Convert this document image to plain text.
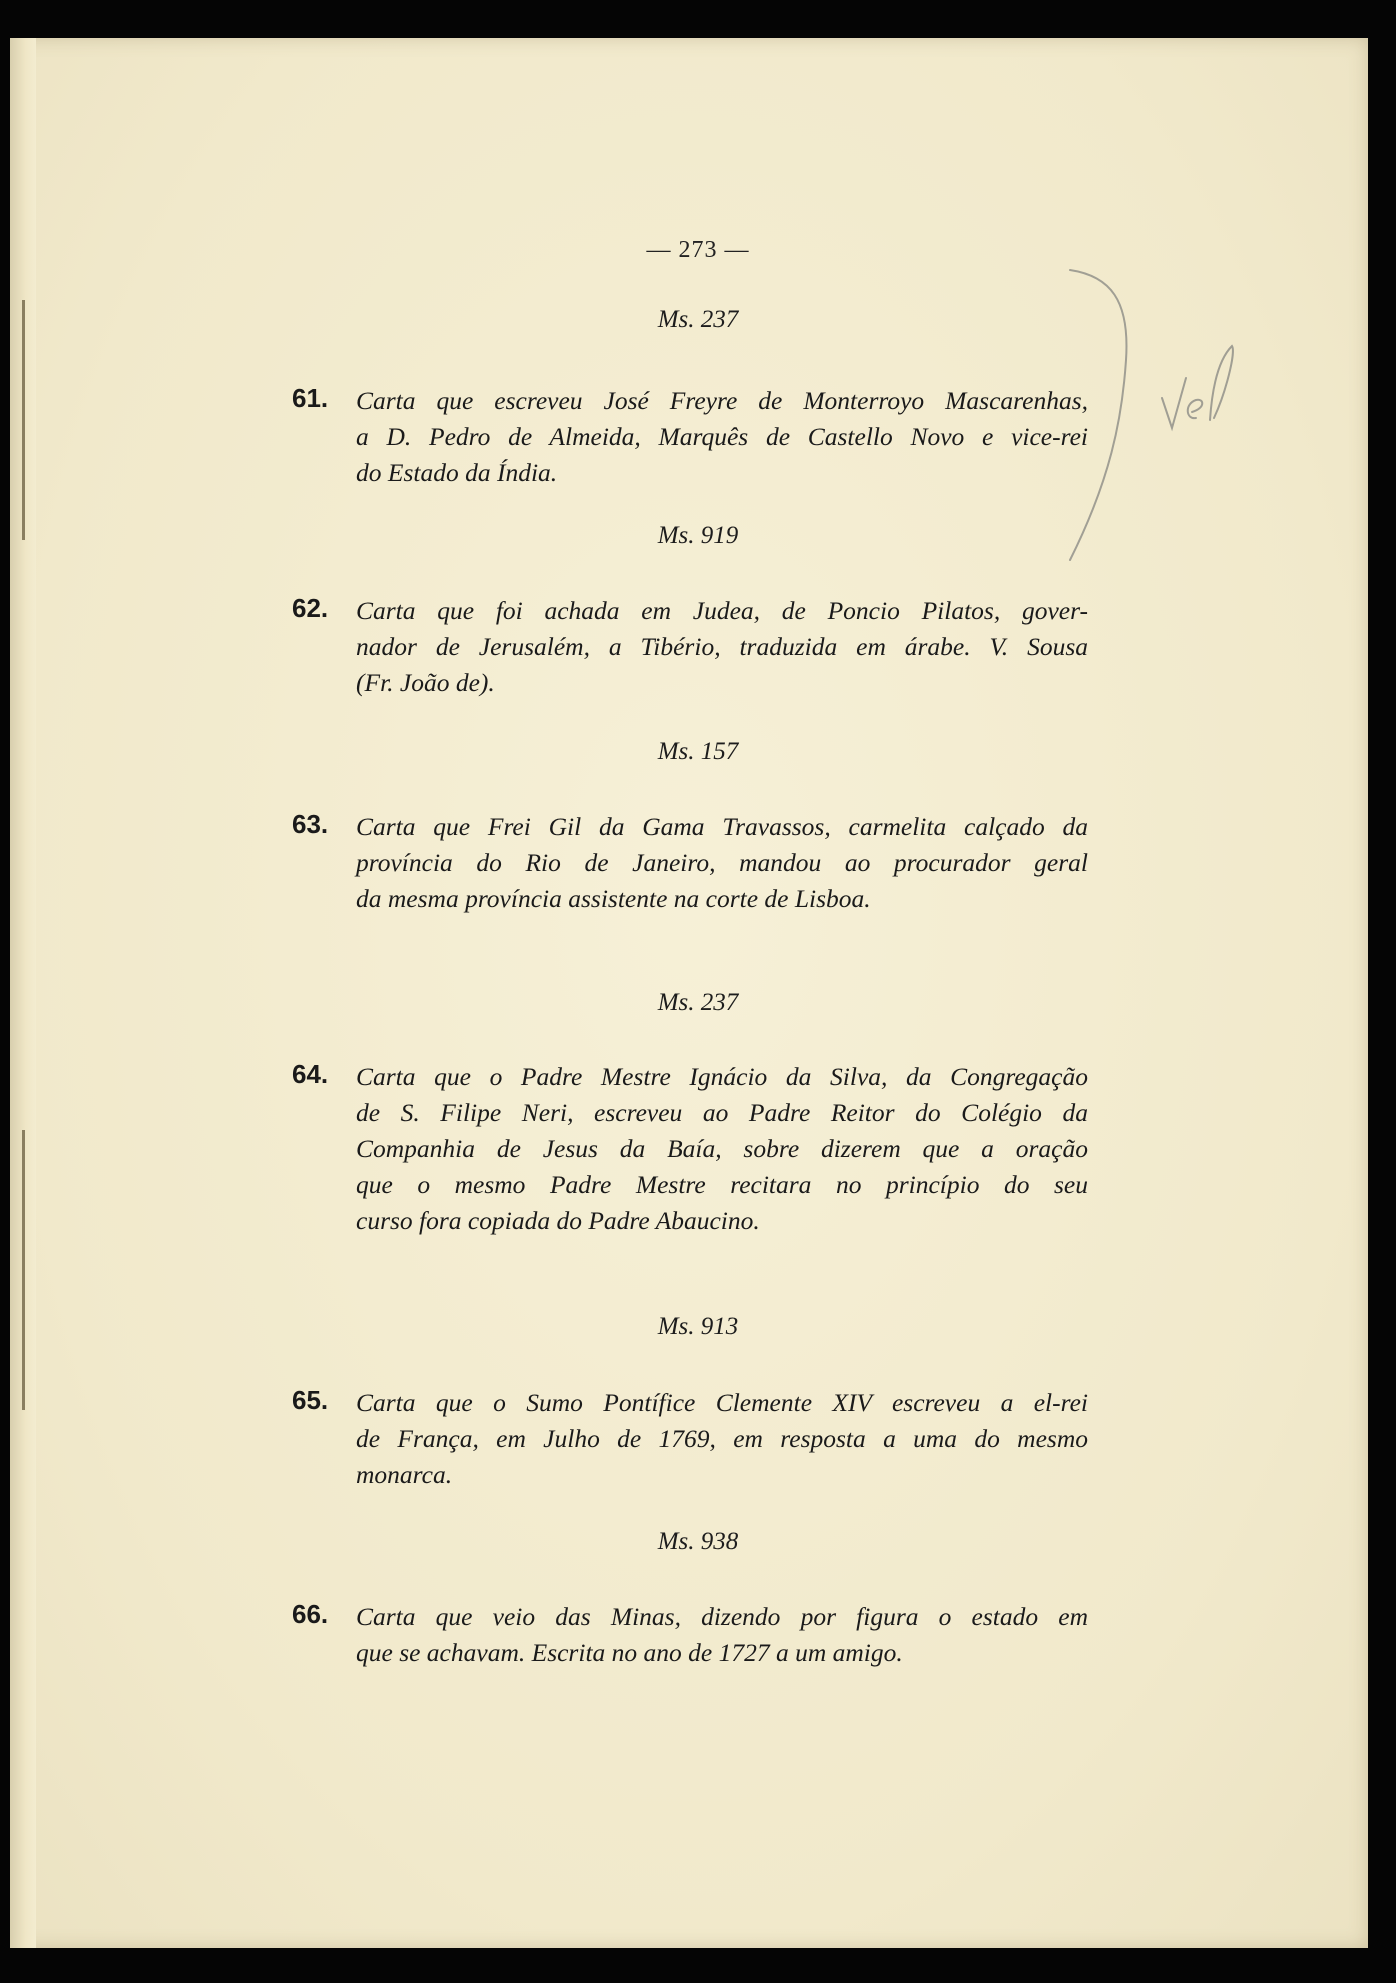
— 273 —
Ms. 237
61.	Carta que escreveu José Freyre de Monterroyo Mascarenhas,
a D. Pedro de Almeida, Marquês de Castello Novo e vice-rei
do Estado da Índia.
Ms. 919
62.	Carta que foi achada em Judea, de Poncio Pilatos, gover-
nador de Jerusalém, a Tibério, traduzida em árabe. V. Sousa
(Fr. João de).
Ms. 157
63.	Carta que Frei Gil da Gama Travassos, carmelita calçado da
província do Rio de Janeiro, mandou ao procurador geral
da mesma província assistente na corte de Lisboa.
Ms. 237
64.	Carta que o Padre Mestre Ignácio da Silva, da Congregação
de S. Filipe Neri, escreveu ao Padre Reitor do Colégio da
Companhia de Jesus da Baía, sobre dizerem que a oração
que o mesmo Padre Mestre recitara no princípio do seu
curso fora copiada do Padre Abaucino.
Ms. 913
65.	Carta que o Sumo Pontífice Clemente XIV escreveu a el-rei
de França, em Julho de 1769, em resposta a uma do mesmo
monarca.
Ms. 938
66.	Carta que veio das Minas, dizendo por figura o estado em
que se achavam. Escrita no ano de 1727 a um amigo.
